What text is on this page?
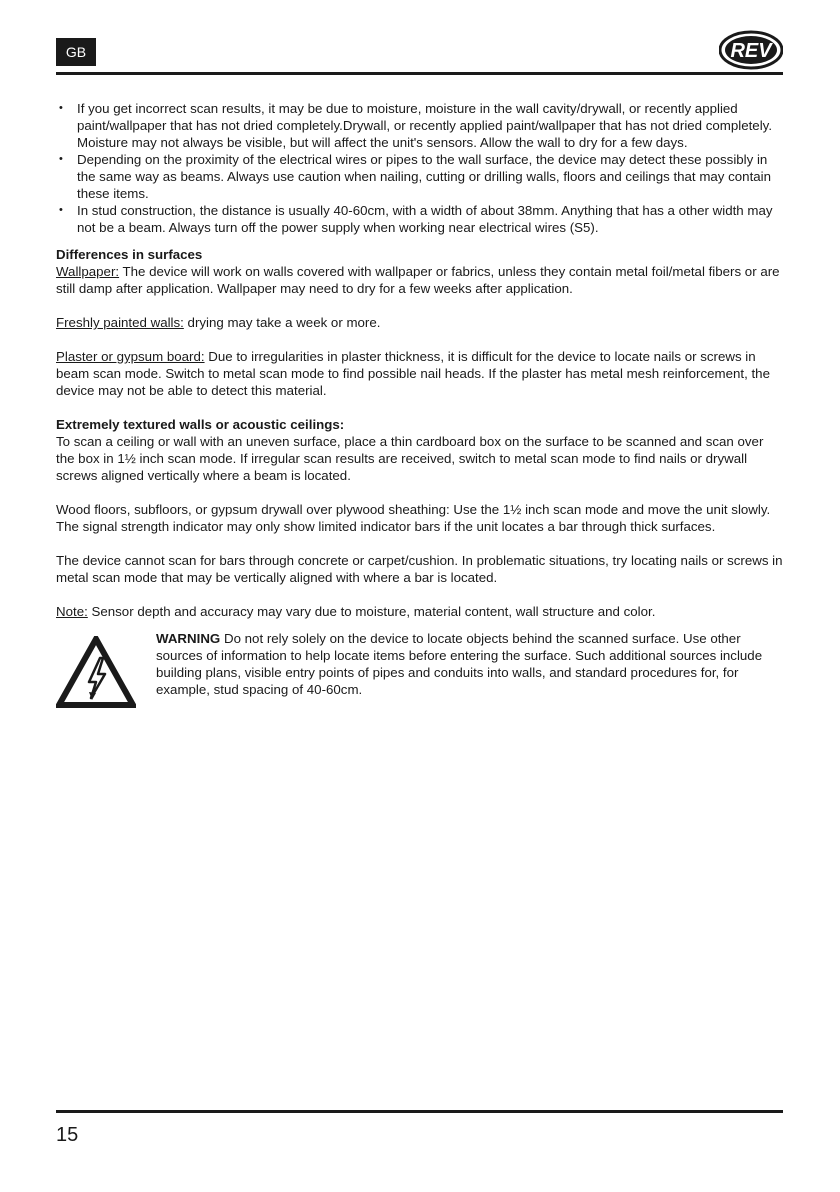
GB	REV
• If you get incorrect scan results, it may be due to moisture, moisture in the wall cavity/drywall, or recently applied paint/wallpaper that has not dried completely.Drywall, or recently applied paint/wallpaper that has not dried completely. Moisture may not always be visible, but will affect the unit's sensors. Allow the wall to dry for a few days.
• Depending on the proximity of the electrical wires or pipes to the wall surface, the device may detect these possibly in the same way as beams. Always use caution when nailing, cutting or drilling walls, floors and ceilings that may contain these items.
• In stud construction, the distance is usually 40-60cm, with a width of about 38mm. Anything that has a other width may not be a beam. Always turn off the power supply when working near electrical wires (S5).

Differences in surfaces

Wallpaper: The device will work on walls covered with wallpaper or fabrics, unless they contain metal foil/metal fibers or are still damp after application. Wallpaper may need to dry for a few weeks after application.

Freshly painted walls: drying may take a week or more.

Plaster or gypsum board: Due to irregularities in plaster thickness, it is difficult for the device to locate nails or screws in beam scan mode. Switch to metal scan mode to find possible nail heads. If the plaster has metal mesh reinforcement, the device may not be able to detect this material.

Extremely textured walls or acoustic ceilings:

To scan a ceiling or wall with an uneven surface, place a thin cardboard box on the surface to be scanned and scan over the box in 1½ inch scan mode. If irregular scan results are received, switch to metal scan mode to find nails or drywall screws aligned vertically where a beam is located.

Wood floors, subfloors, or gypsum drywall over plywood sheathing: Use the 1½ inch scan mode and move the unit slowly. The signal strength indicator may only show limited indicator bars if the unit locates a bar through thick surfaces.

The device cannot scan for bars through concrete or carpet/cushion. In problematic situations, try locating nails or screws in metal scan mode that may be vertically aligned with where a bar is located.

Note: Sensor depth and accuracy may vary due to moisture, material content, wall structure and color.

WARNING Do not rely solely on the device to locate objects behind the scanned surface. Use other sources of information to help locate items before entering the surface. Such additional sources include building plans, visible entry points of pipes and conduits into walls, and standard procedures for, for example, stud spacing of 40-60cm.

15
